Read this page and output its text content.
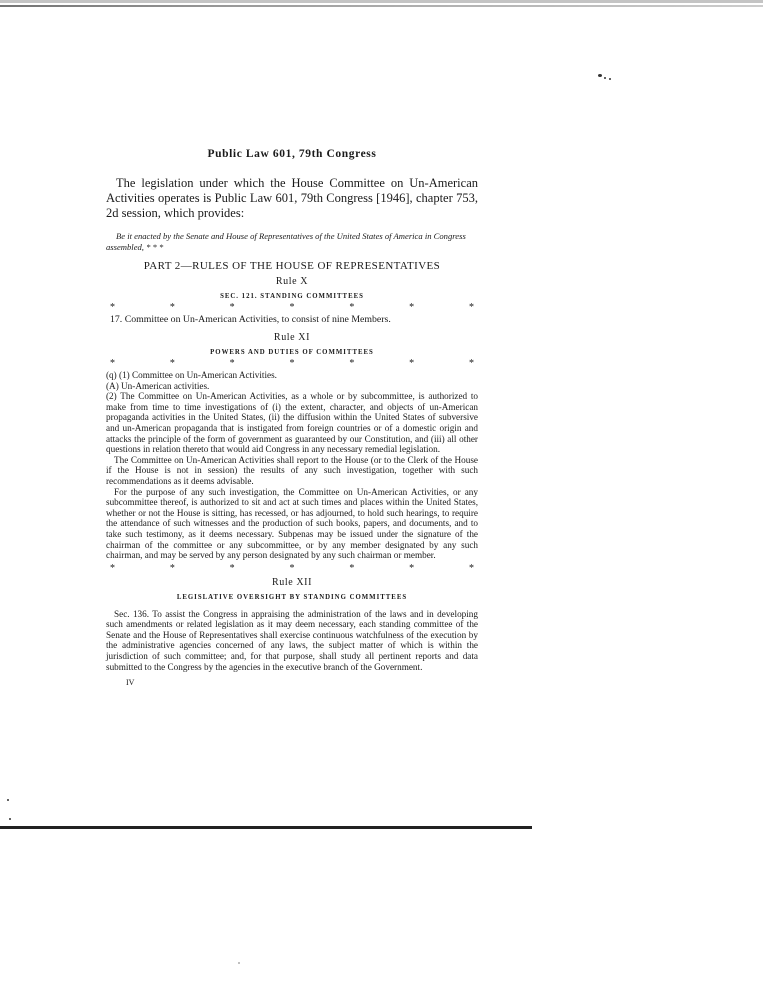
Public Law 601, 79th Congress

The legislation under which the House Committee on Un-American Activities operates is Public Law 601, 79th Congress [1946], chapter 753, 2d session, which provides:

Be it enacted by the Senate and House of Representatives of the United States of America in Congress assembled, * * *

PART 2—RULES OF THE HOUSE OF REPRESENTATIVES
Rule X
SEC. 121. STANDING COMMITTEES
*	*	*	*	*	*	*
17. Committee on Un-American Activities, to consist of nine Members.
Rule XI
POWERS AND DUTIES OF COMMITTEES
*	*	*	*	*	*	*

(q) (1) Committee on Un-American Activities.

(A) Un-American activities.

(2) The Committee on Un-American Activities, as a whole or by subcommittee, is authorized to make from time to time investigations of (i) the extent, character, and objects of un-American propaganda activities in the United States, (ii) the diffusion within the United States of subversive and un-American propaganda that is instigated from foreign countries or of a domestic origin and attacks the principle of the form of government as guaranteed by our Constitution, and (iii) all other questions in relation thereto that would aid Congress in any necessary remedial legislation.

The Committee on Un-American Activities shall report to the House (or to the Clerk of the House if the House is not in session) the results of any such investigation, together with such recommendations as it deems advisable.

For the purpose of any such investigation, the Committee on Un-American Activities, or any subcommittee thereof, is authorized to sit and act at such times and places within the United States, whether or not the House is sitting, has recessed, or has adjourned, to hold such hearings, to require the attendance of such witnesses and the production of such books, papers, and documents, and to take such testimony, as it deems necessary. Subpenas may be issued under the signature of the chairman of the committee or any subcommittee, or by any member designated by any such chairman, and may be served by any person designated by any such chairman or member.

*	*	*	*	*	*	*
Rule XII
LEGISLATIVE OVERSIGHT BY STANDING COMMITTEES

Sec. 136. To assist the Congress in appraising the administration of the laws and in developing such amendments or related legislation as it may deem necessary, each standing committee of the Senate and the House of Representatives shall exercise continuous watchfulness of the execution by the administrative agencies concerned of any laws, the subject matter of which is within the jurisdiction of such committee; and, for that purpose, shall study all pertinent reports and data submitted to the Congress by the agencies in the executive branch of the Government.

IV
